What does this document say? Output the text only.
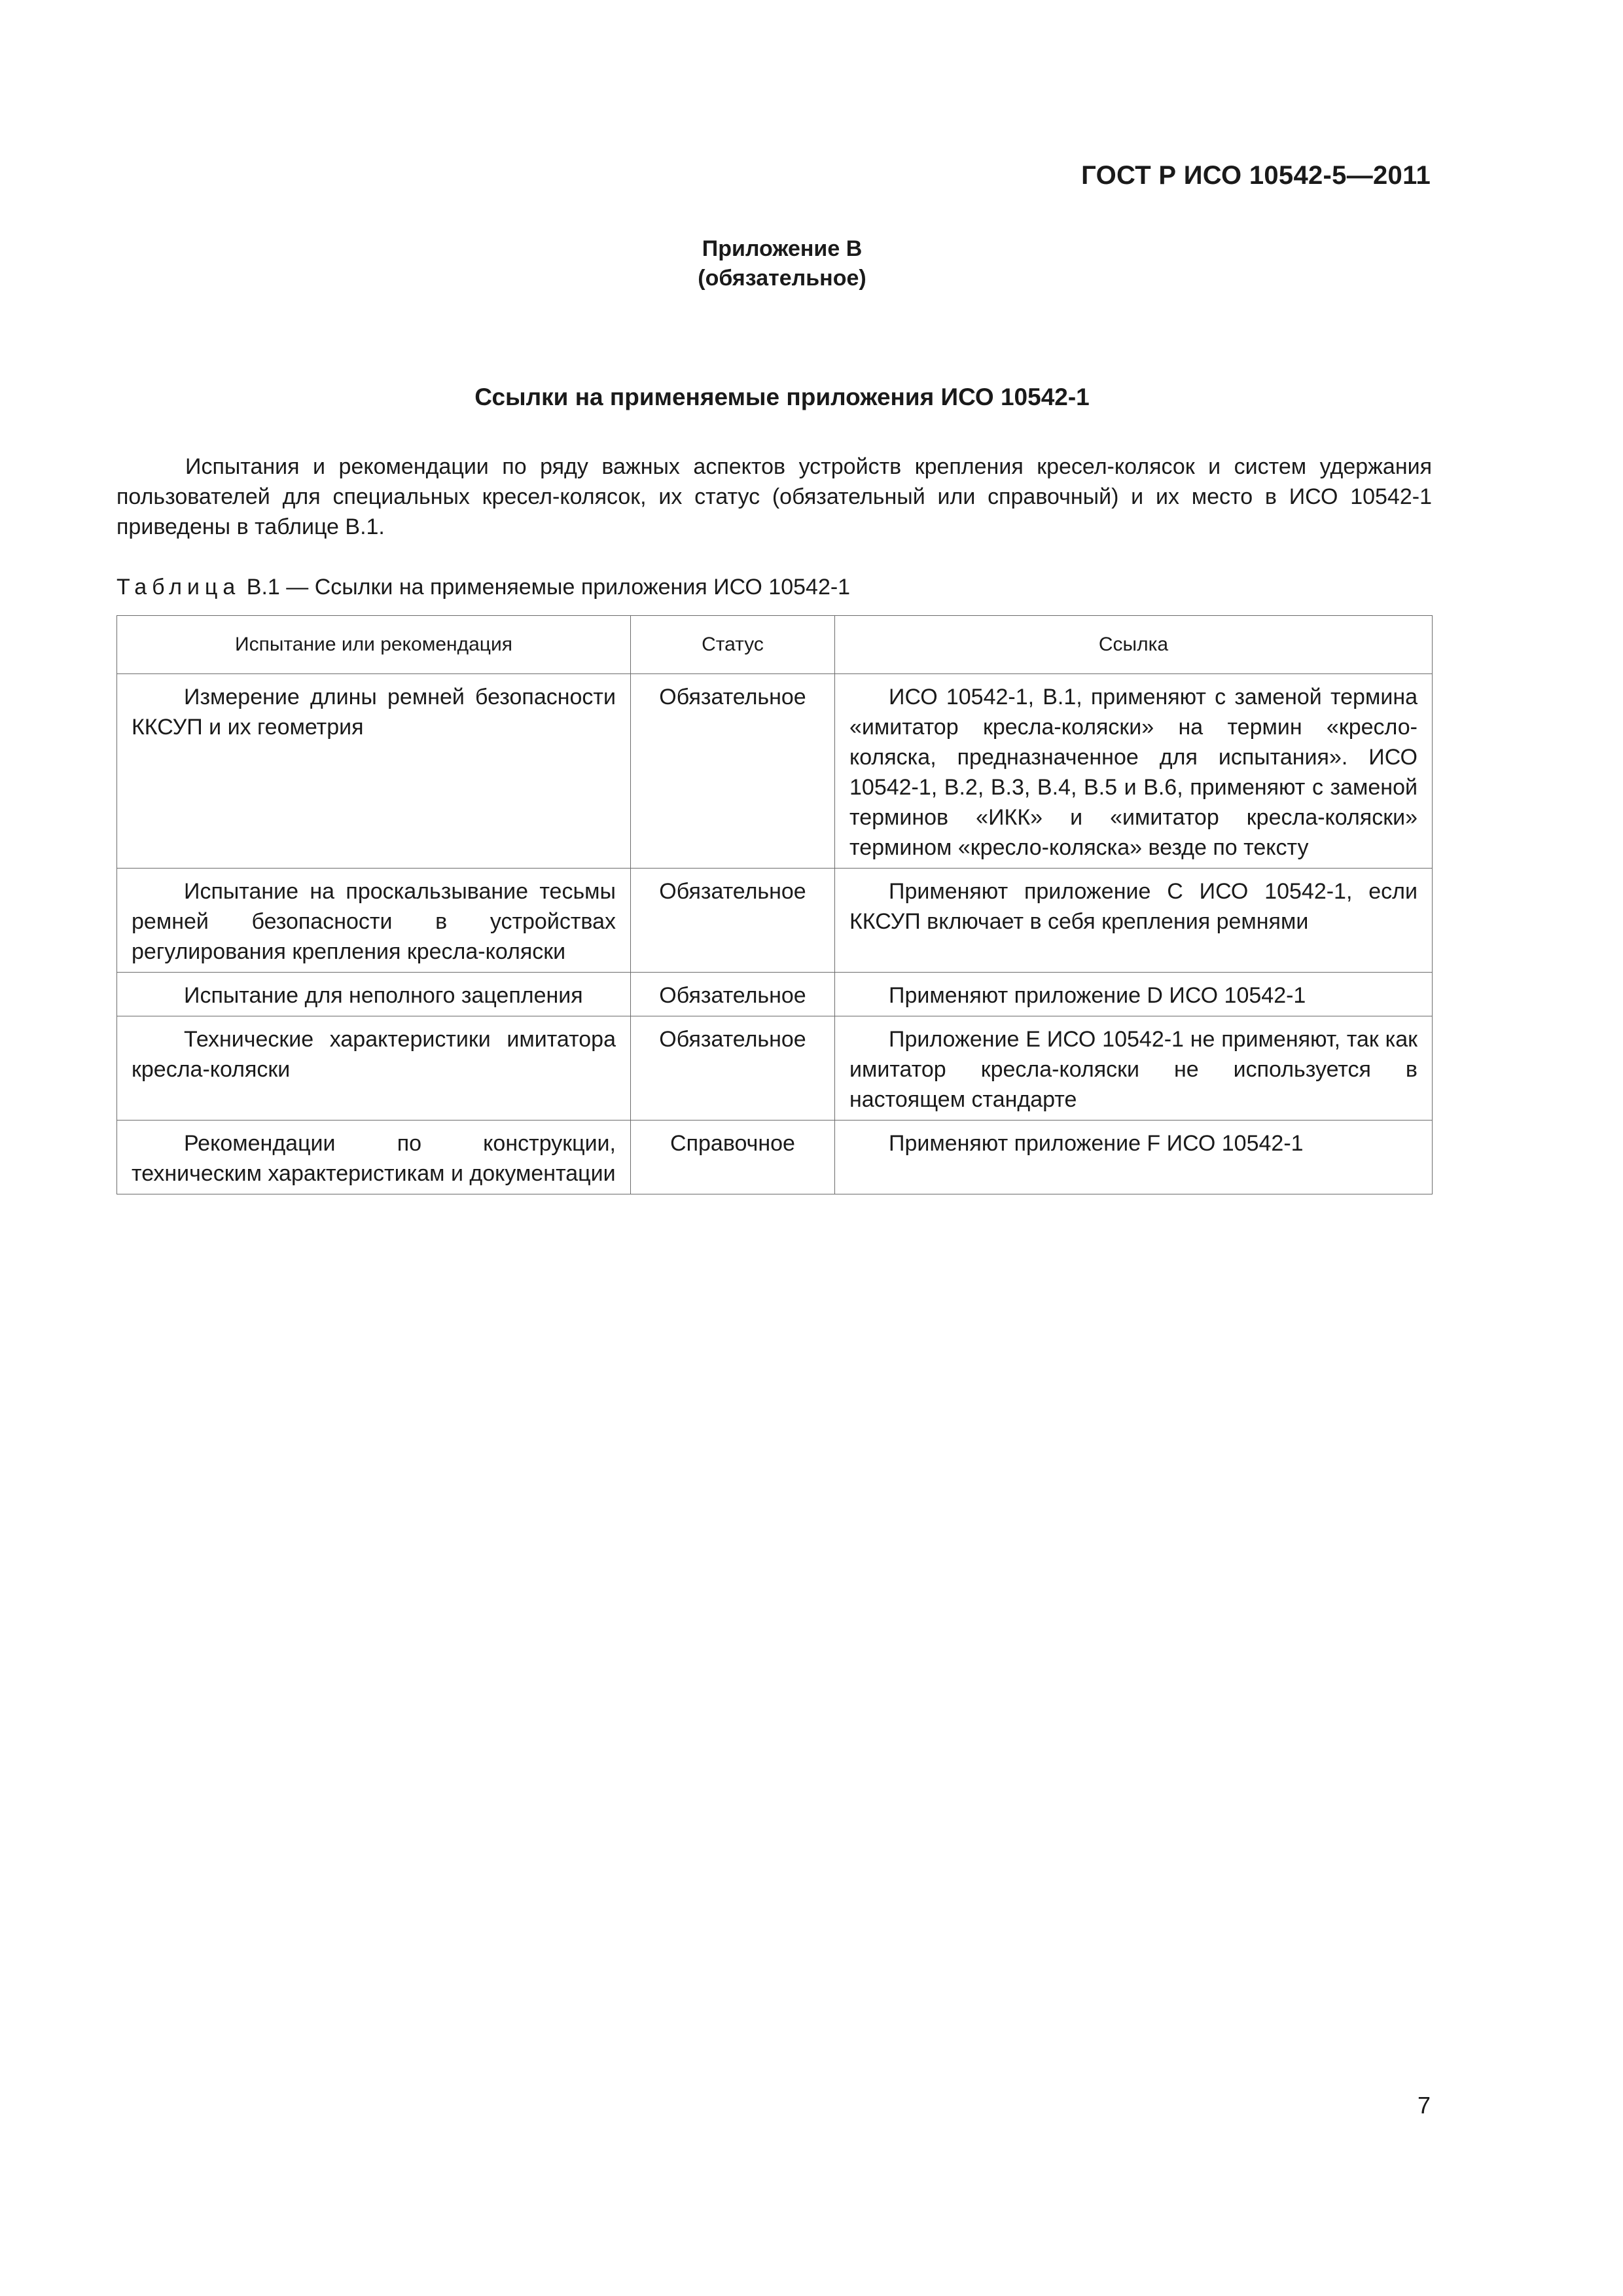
ГОСТ Р ИСО 10542-5—2011
Приложение В
(обязательное)
Ссылки на применяемые приложения ИСО 10542-1

Испытания и рекомендации по ряду важных аспектов устройств крепления кресел-колясок и систем удержания пользователей для специальных кресел-колясок, их статус (обязательный или справочный) и их место в ИСО 10542-1 приведены в таблице В.1.

Таблица В.1 — Ссылки на применяемые приложения ИСО 10542-1
Испытание или рекомендация	Статус	Ссылка
Измерение длины ремней безопасности ККСУП и их геометрия	Обязательное	ИСО 10542-1, В.1, применяют с заменой термина «имитатор кресла-коляски» на термин «кресло-коляска, предназначенное для испытания». ИСО 10542-1, В.2, В.3, В.4, В.5 и В.6, применяют с заменой терминов «ИКК» и «имитатор кресла-коляски» термином «кресло-коляска» везде по тексту
Испытание на проскальзывание тесьмы ремней безопасности в устройствах регулирования крепления кресла-коляски	Обязательное	Применяют приложение С ИСО 10542-1, если ККСУП включает в себя крепления ремнями
Испытание для неполного зацепления	Обязательное	Применяют приложение D ИСО 10542-1
Технические характеристики имитатора кресла-коляски	Обязательное	Приложение Е ИСО 10542-1 не применяют, так как имитатор кресла-коляски не используется в настоящем стандарте
Рекомендации по конструкции, техническим характеристикам и документации	Справочное	Применяют приложение F ИСО 10542-1
7
